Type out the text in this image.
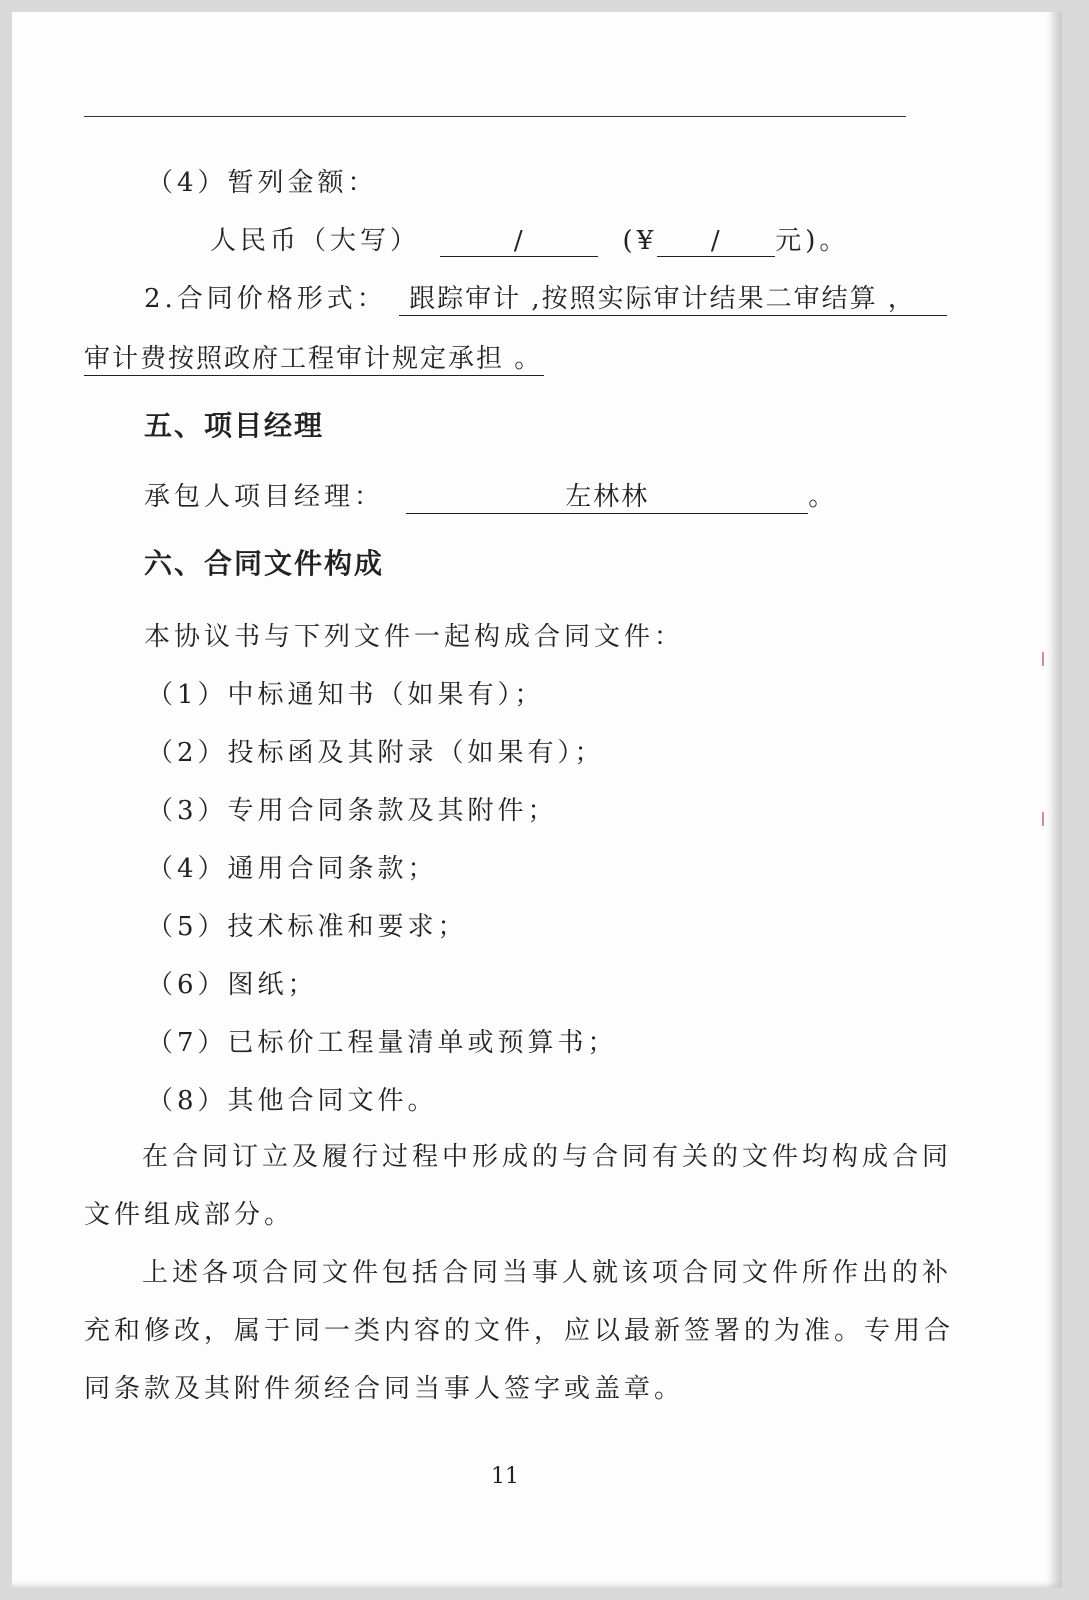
（4）暂列金额：
人民币（大写）	/	(¥ / 元)。
2.合同价格形式： 跟踪审计 ,按照实际审计结果二审结算 ，
审计费按照政府工程审计规定承担 。
五、项目经理
承包人项目经理：	左林林	。
六、合同文件构成
本协议书与下列文件一起构成合同文件：
（1）中标通知书（如果有）；
（2）投标函及其附录（如果有）；
（3）专用合同条款及其附件；
（4）通用合同条款；
（5）技术标准和要求；
（6）图纸；
（7）已标价工程量清单或预算书；
（8）其他合同文件。
在合同订立及履行过程中形成的与合同有关的文件均构成合同
文件组成部分。
上述各项合同文件包括合同当事人就该项合同文件所作出的补
充和修改，属于同一类内容的文件，应以最新签署的为准。专用合
同条款及其附件须经合同当事人签字或盖章。
11
